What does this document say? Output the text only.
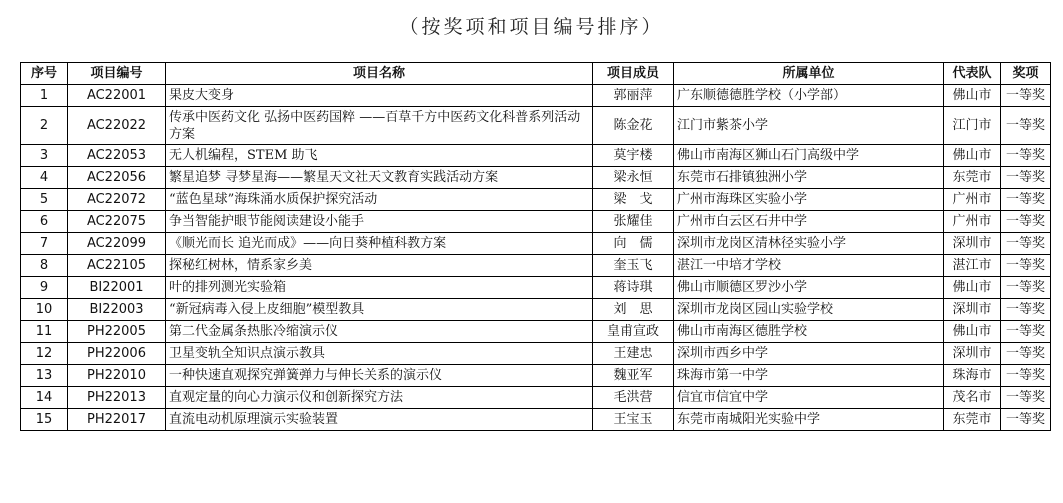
（按奖项和项目编号排序）
序号	项目编号	项目名称	项目成员	所属单位	代表队	奖项
1	AC22001	果皮大变身	郭丽萍	广东顺德德胜学校（小学部）	佛山市	一等奖
2	AC22022	传承中医药文化 弘扬中医药国粹 ——百草千方中医药文化科普系列活动方案	陈金花	江门市紫茶小学	江门市	一等奖
3	AC22053	无人机编程，STEM 助飞	莫宇楼	佛山市南海区狮山石门高级中学	佛山市	一等奖
4	AC22056	繁星追梦 寻梦星海——繁星天文社天文教育实践活动方案	梁永恒	东莞市石排镇独洲小学	东莞市	一等奖
5	AC22072	“蓝色星球”海珠涌水质保护探究活动	梁　戈	广州市海珠区实验小学	广州市	一等奖
6	AC22075	争当智能护眼节能阅读建设小能手	张耀佳	广州市白云区石井中学	广州市	一等奖
7	AC22099	《顺光而长 追光而成》——向日葵种植科教方案	向　儒	深圳市龙岗区清林径实验小学	深圳市	一等奖
8	AC22105	探秘红树林，情系家乡美	奎玉飞	湛江一中培才学校	湛江市	一等奖
9	BI22001	叶的排列测光实验箱	蒋诗琪	佛山市顺德区罗沙小学	佛山市	一等奖
10	BI22003	“新冠病毒入侵上皮细胞”模型教具	刘　思	深圳市龙岗区园山实验学校	深圳市	一等奖
11	PH22005	第二代金属条热胀冷缩演示仪	皇甫宣政	佛山市南海区德胜学校	佛山市	一等奖
12	PH22006	卫星变轨全知识点演示教具	王建忠	深圳市西乡中学	深圳市	一等奖
13	PH22010	一种快速直观探究弹簧弹力与伸长关系的演示仪	魏亚军	珠海市第一中学	珠海市	一等奖
14	PH22013	直观定量的向心力演示仪和创新探究方法	毛洪营	信宜市信宜中学	茂名市	一等奖
15	PH22017	直流电动机原理演示实验装置	王宝玉	东莞市南城阳光实验中学	东莞市	一等奖
